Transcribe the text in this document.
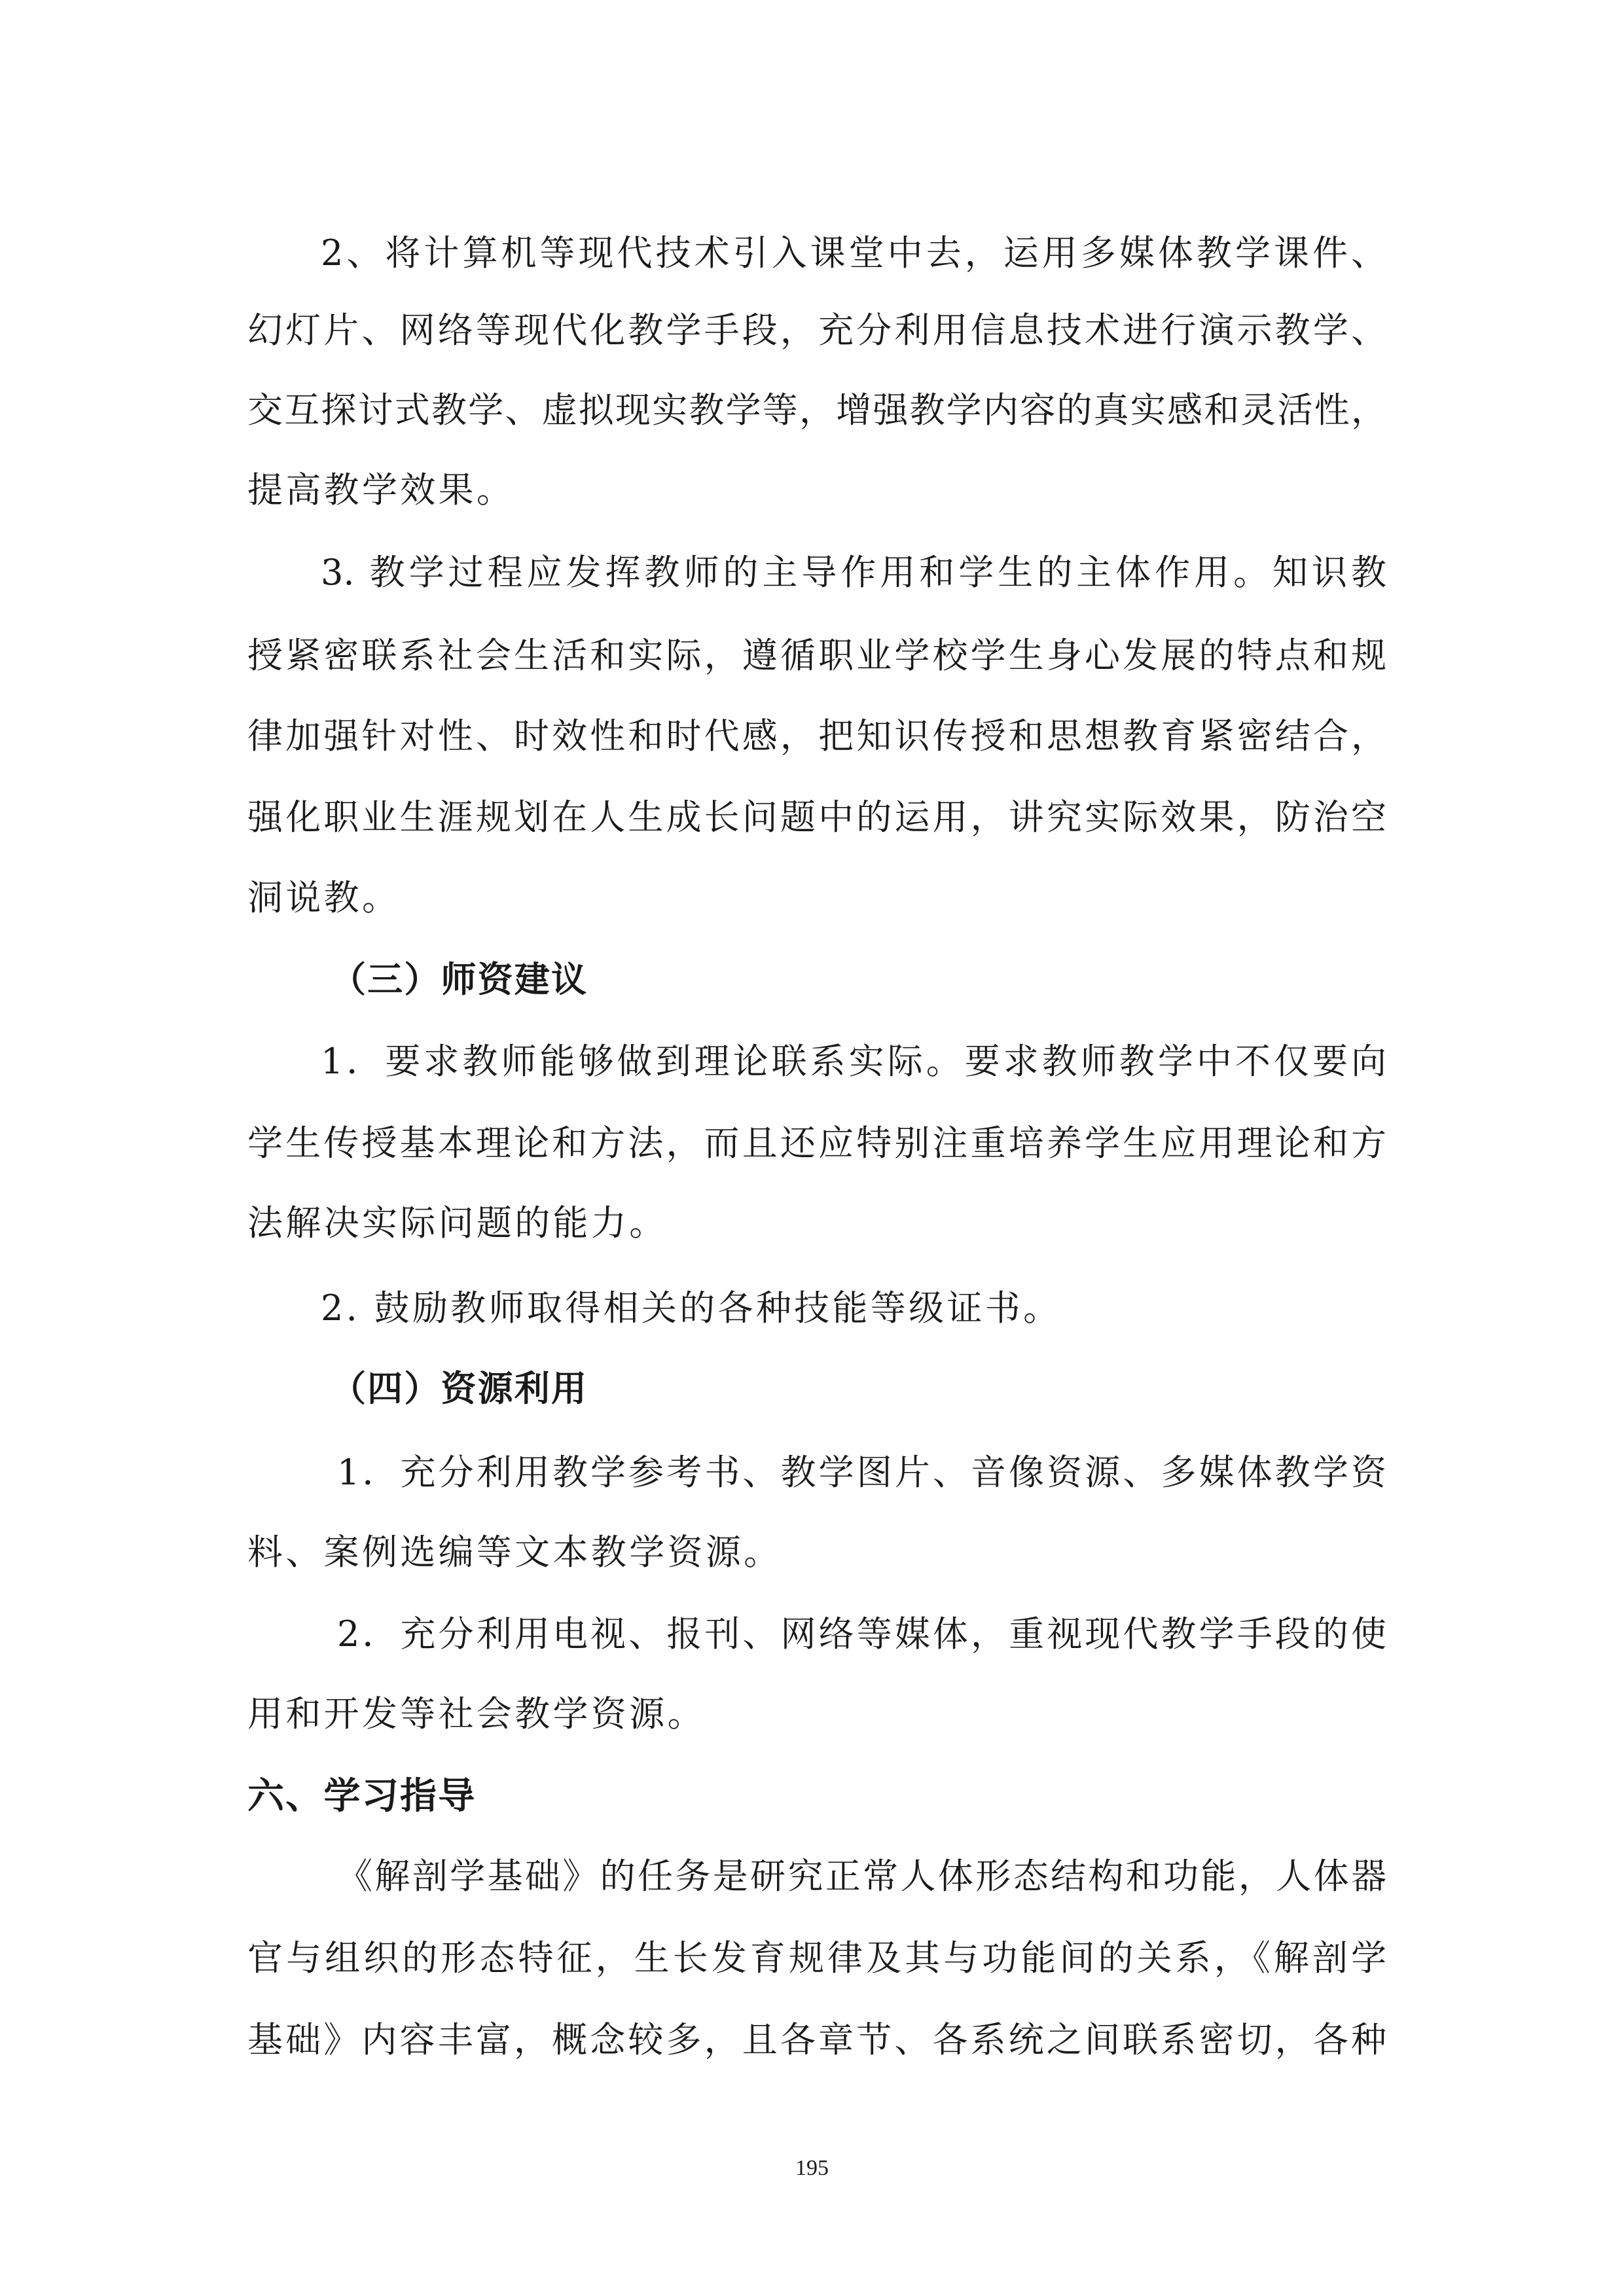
2、将计算机等现代技术引入课堂中去，运用多媒体教学课件、
幻灯片、网络等现代化教学手段，充分利用信息技术进行演示教学、
交互探讨式教学、虚拟现实教学等，增强教学内容的真实感和灵活性，
提高教学效果。
3. 教学过程应发挥教师的主导作用和学生的主体作用。知识教
授紧密联系社会生活和实际，遵循职业学校学生身心发展的特点和规
律加强针对性、时效性和时代感，把知识传授和思想教育紧密结合，
强化职业生涯规划在人生成长问题中的运用，讲究实际效果，防治空
洞说教。
（三）师资建议
1．要求教师能够做到理论联系实际。要求教师教学中不仅要向
学生传授基本理论和方法，而且还应特别注重培养学生应用理论和方
法解决实际问题的能力。
2. 鼓励教师取得相关的各种技能等级证书。
（四）资源利用
1．充分利用教学参考书、教学图片、音像资源、多媒体教学资
料、案例选编等文本教学资源。
2．充分利用电视、报刊、网络等媒体，重视现代教学手段的使
用和开发等社会教学资源。
六、学习指导
《解剖学基础》的任务是研究正常人体形态结构和功能，人体器
官与组织的形态特征，生长发育规律及其与功能间的关系，《解剖学
基础》内容丰富，概念较多，且各章节、各系统之间联系密切，各种
195
